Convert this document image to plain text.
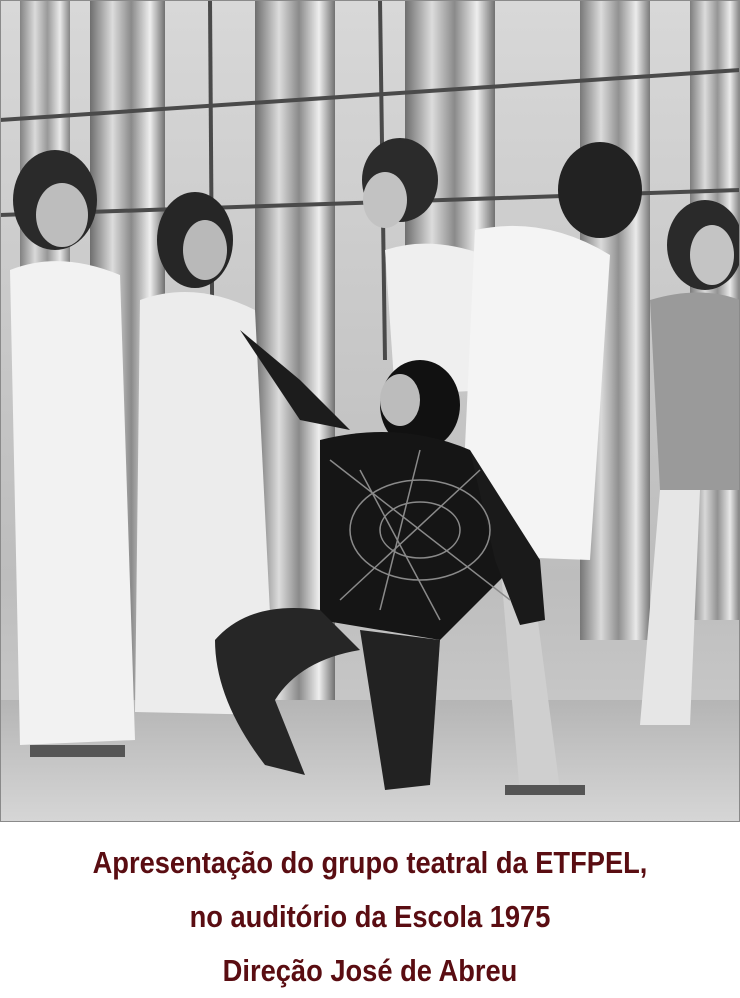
Apresentação do grupo teatral da ETFPEL,
no auditório da Escola 1975
Direção José de Abreu
